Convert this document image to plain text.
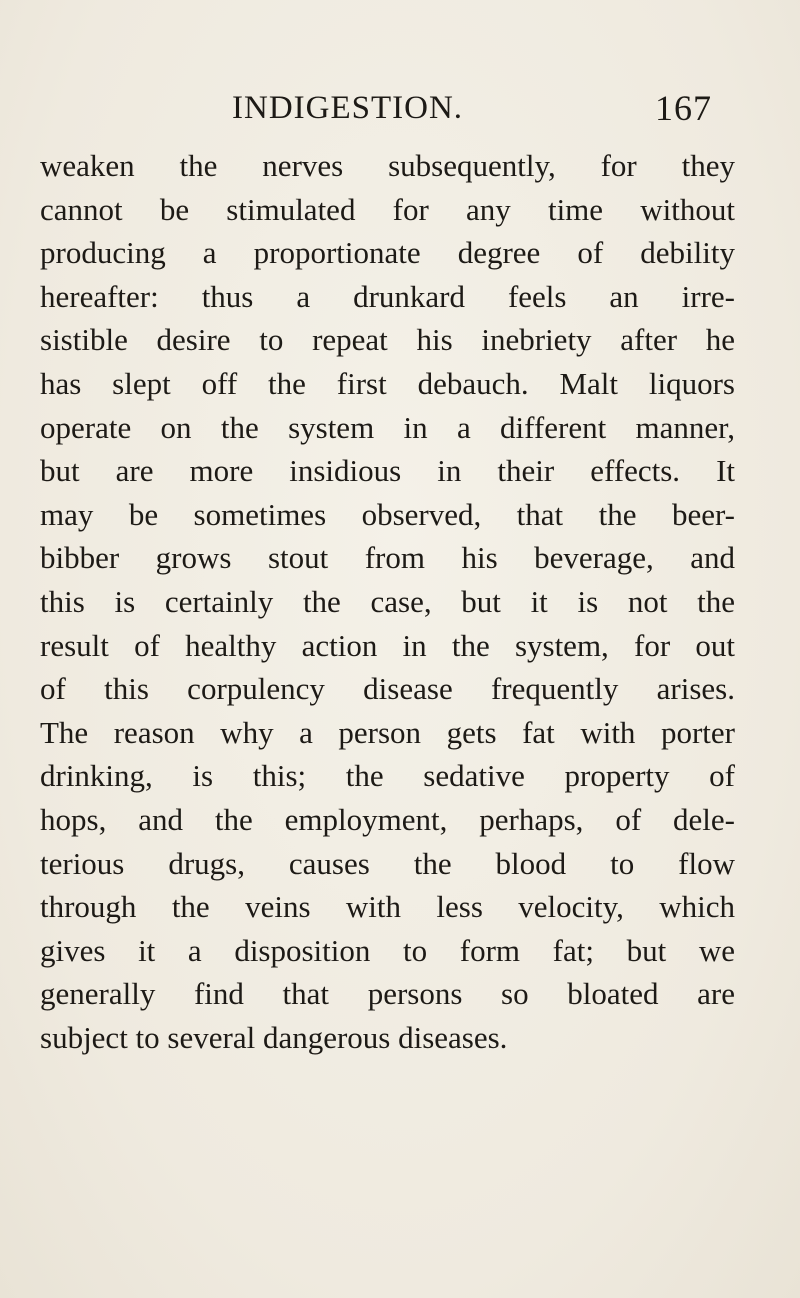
INDIGESTION.	167
weaken the nerves subsequently, for they
cannot be stimulated for any time without
producing a proportionate degree of debility
hereafter: thus a drunkard feels an irre-
sistible desire to repeat his inebriety after he
has slept off the first debauch. Malt liquors
operate on the system in a different manner,
but are more insidious in their effects. It
may be sometimes observed, that the beer-
bibber grows stout from his beverage, and
this is certainly the case, but it is not the
result of healthy action in the system, for out
of this corpulency disease frequently arises.
The reason why a person gets fat with porter
drinking, is this; the sedative property of
hops, and the employment, perhaps, of dele-
terious drugs, causes the blood to flow
through the veins with less velocity, which
gives it a disposition to form fat; but we
generally find that persons so bloated are
subject to several dangerous diseases.
